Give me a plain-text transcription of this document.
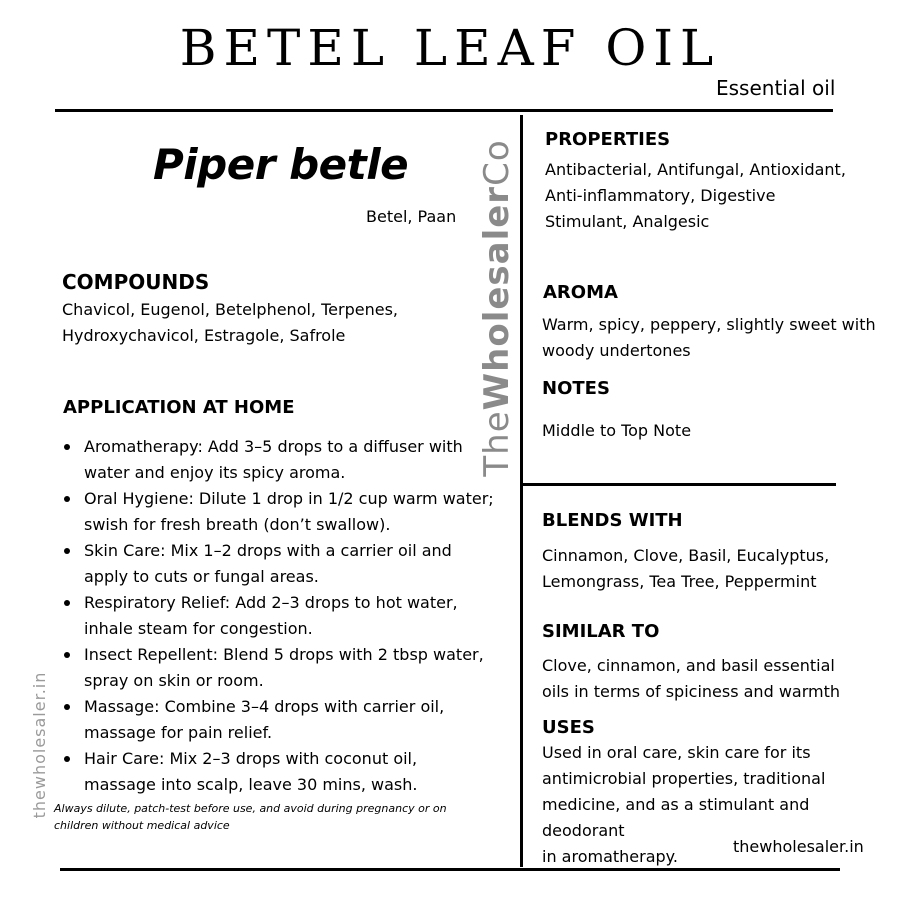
BETEL LEAF OIL
Essential oil
TheWholesalerCo
thewholesaler.in
Piper betle
Betel, Paan
COMPOUNDS
Chavicol, Eugenol, Betelphenol, Terpenes,
Hydroxychavicol, Estragole, Safrole
APPLICATION AT HOME
Aromatherapy: Add 3–5 drops to a diffuser with
water and enjoy its spicy aroma.
Oral Hygiene: Dilute 1 drop in 1/2 cup warm water;
swish for fresh breath (don’t swallow).
Skin Care: Mix 1–2 drops with a carrier oil and
apply to cuts or fungal areas.
Respiratory Relief: Add 2–3 drops to hot water,
inhale steam for congestion.
Insect Repellent: Blend 5 drops with 2 tbsp water,
spray on skin or room.
Massage: Combine 3–4 drops with carrier oil,
massage for pain relief.
Hair Care: Mix 2–3 drops with coconut oil,
massage into scalp, leave 30 mins, wash.
Always dilute, patch-test before use, and avoid during pregnancy or on
children without medical advice
PROPERTIES
Antibacterial, Antifungal, Antioxidant,
Anti-inflammatory, Digestive
Stimulant, Analgesic
AROMA
Warm, spicy, peppery, slightly sweet with
woody undertones
NOTES
Middle to Top Note
BLENDS WITH
Cinnamon, Clove, Basil, Eucalyptus,
Lemongrass, Tea Tree, Peppermint
SIMILAR TO
Clove, cinnamon, and basil essential
oils in terms of spiciness and warmth
USES
Used in oral care, skin care for its
antimicrobial properties, traditional
medicine, and as a stimulant and deodorant
in aromatherapy.
thewholesaler.in
